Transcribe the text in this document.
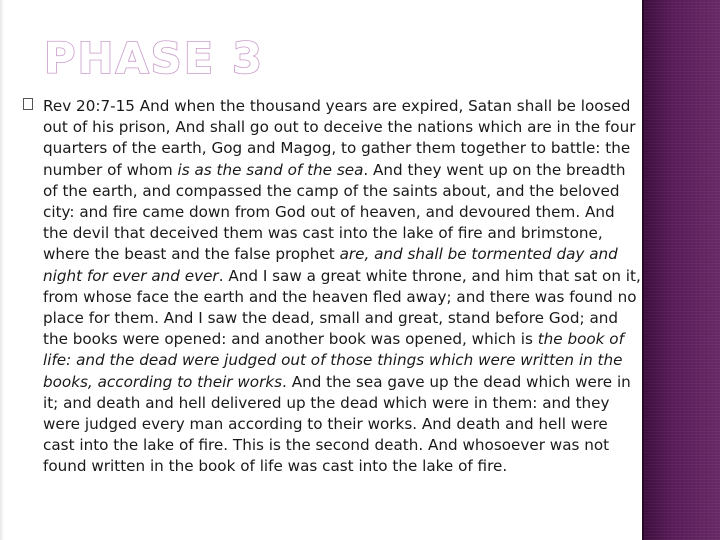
PHASE 3

Rev 20:7-15 And when the thousand years are expired, Satan shall be loosed out of his prison, And shall go out to deceive the nations which are in the four quarters of the earth, Gog and Magog, to gather them together to battle: the number of whom is as the sand of the sea. And they went up on the breadth of the earth, and compassed the camp of the saints about, and the beloved city: and fire came down from God out of heaven, and devoured them. And the devil that deceived them was cast into the lake of fire and brimstone, where the beast and the false prophet are, and shall be tormented day and night for ever and ever. And I saw a great white throne, and him that sat on it, from whose face the earth and the heaven fled away; and there was found no place for them. And I saw the dead, small and great, stand before God; and the books were opened: and another book was opened, which is the book of life: and the dead were judged out of those things which were written in the books, according to their works. And the sea gave up the dead which were in it; and death and hell delivered up the dead which were in them: and they were judged every man according to their works. And death and hell were cast into the lake of fire. This is the second death. And whosoever was not found written in the book of life was cast into the lake of fire.
